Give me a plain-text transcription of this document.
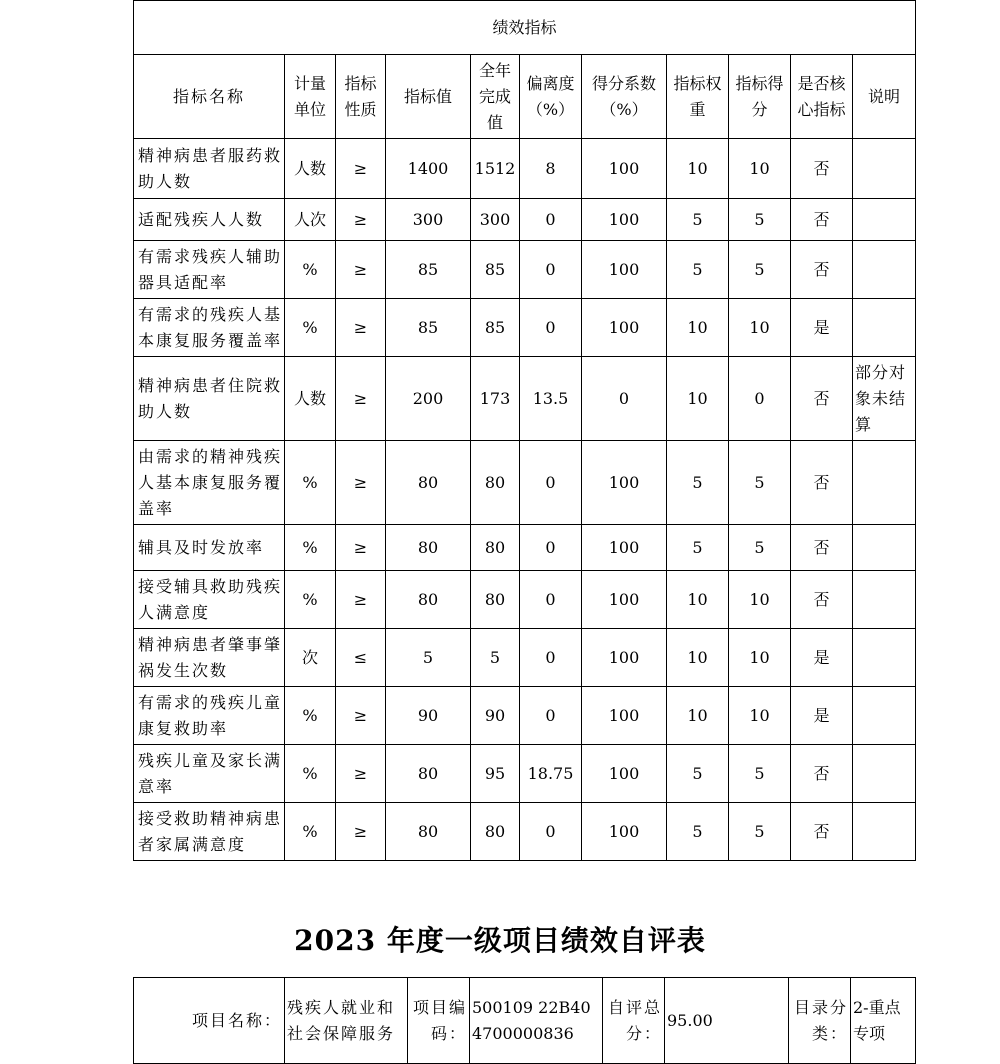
绩效指标										
指标名称	计量单位	指标性质	指标值	全年完成值	偏离度（%）	得分系数（%）	指标权重	指标得分	是否核心指标	说明
精神病患者服药救助人数	人数	≥	1400	1512	8	100	10	10	否	
适配残疾人人数	人次	≥	300	300	0	100	5	5	否	
有需求残疾人辅助器具适配率	%	≥	85	85	0	100	5	5	否	
有需求的残疾人基本康复服务覆盖率	%	≥	85	85	0	100	10	10	是	
精神病患者住院救助人数	人数	≥	200	173	13.5	0	10	0	否	部分对象未结算
由需求的精神残疾人基本康复服务覆盖率	%	≥	80	80	0	100	5	5	否	
辅具及时发放率	%	≥	80	80	0	100	5	5	否	
接受辅具救助残疾人满意度	%	≥	80	80	0	100	10	10	否	
精神病患者肇事肇祸发生次数	次	≤	5	5	0	100	10	10	是	
有需求的残疾儿童康复救助率	%	≥	90	90	0	100	10	10	是	
残疾儿童及家长满意率	%	≥	80	95	18.75	100	5	5	否	
接受救助精神病患者家属满意度	%	≥	80	80	0	100	5	5	否	
2023 年度一级项目绩效自评表
项目名称：	残疾人就业和社会保障服务	项目编码：	500109 22B404700000836	自评总分：	95.00	目录分类：	2-重点专项
